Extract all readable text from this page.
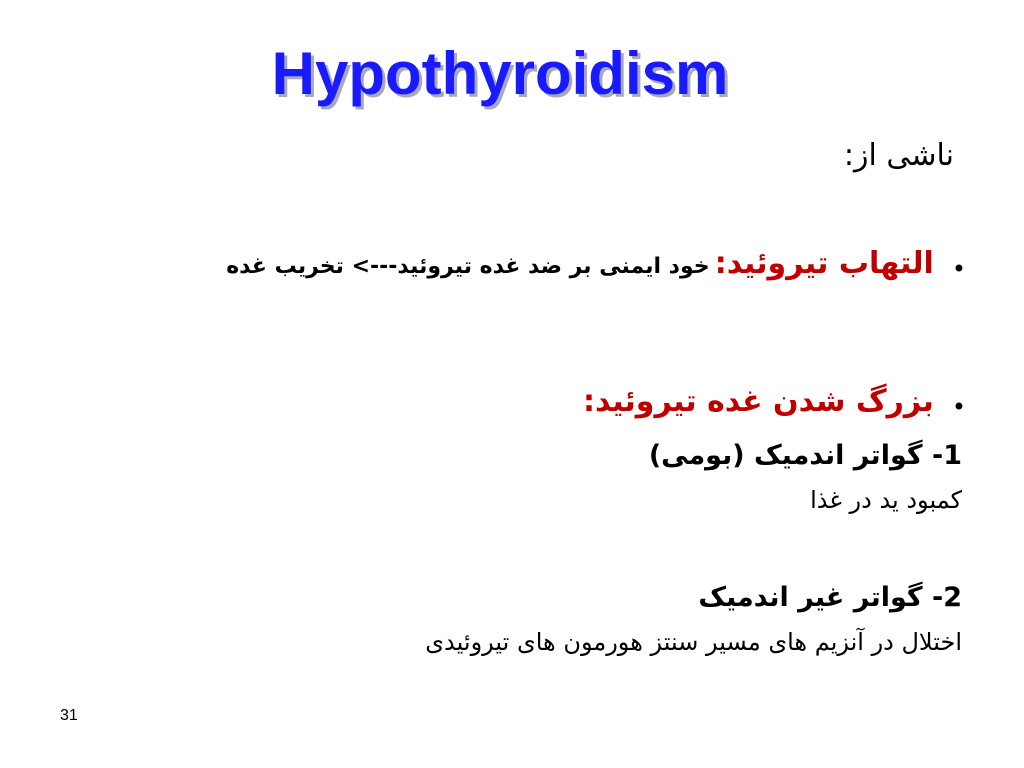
Hypothyroidism
ناشی از:
•التهاب تیروئید: خود ایمنی بر ضد غده تیروئید---> تخریب غده
•بزرگ شدن غده تیروئید:
1- گواتر اندمیک (بومی)
کمبود ید در غذا
2- گواتر غیر اندمیک
اختلال در آنزیم های مسیر سنتز هورمون های تیروئیدی
31
